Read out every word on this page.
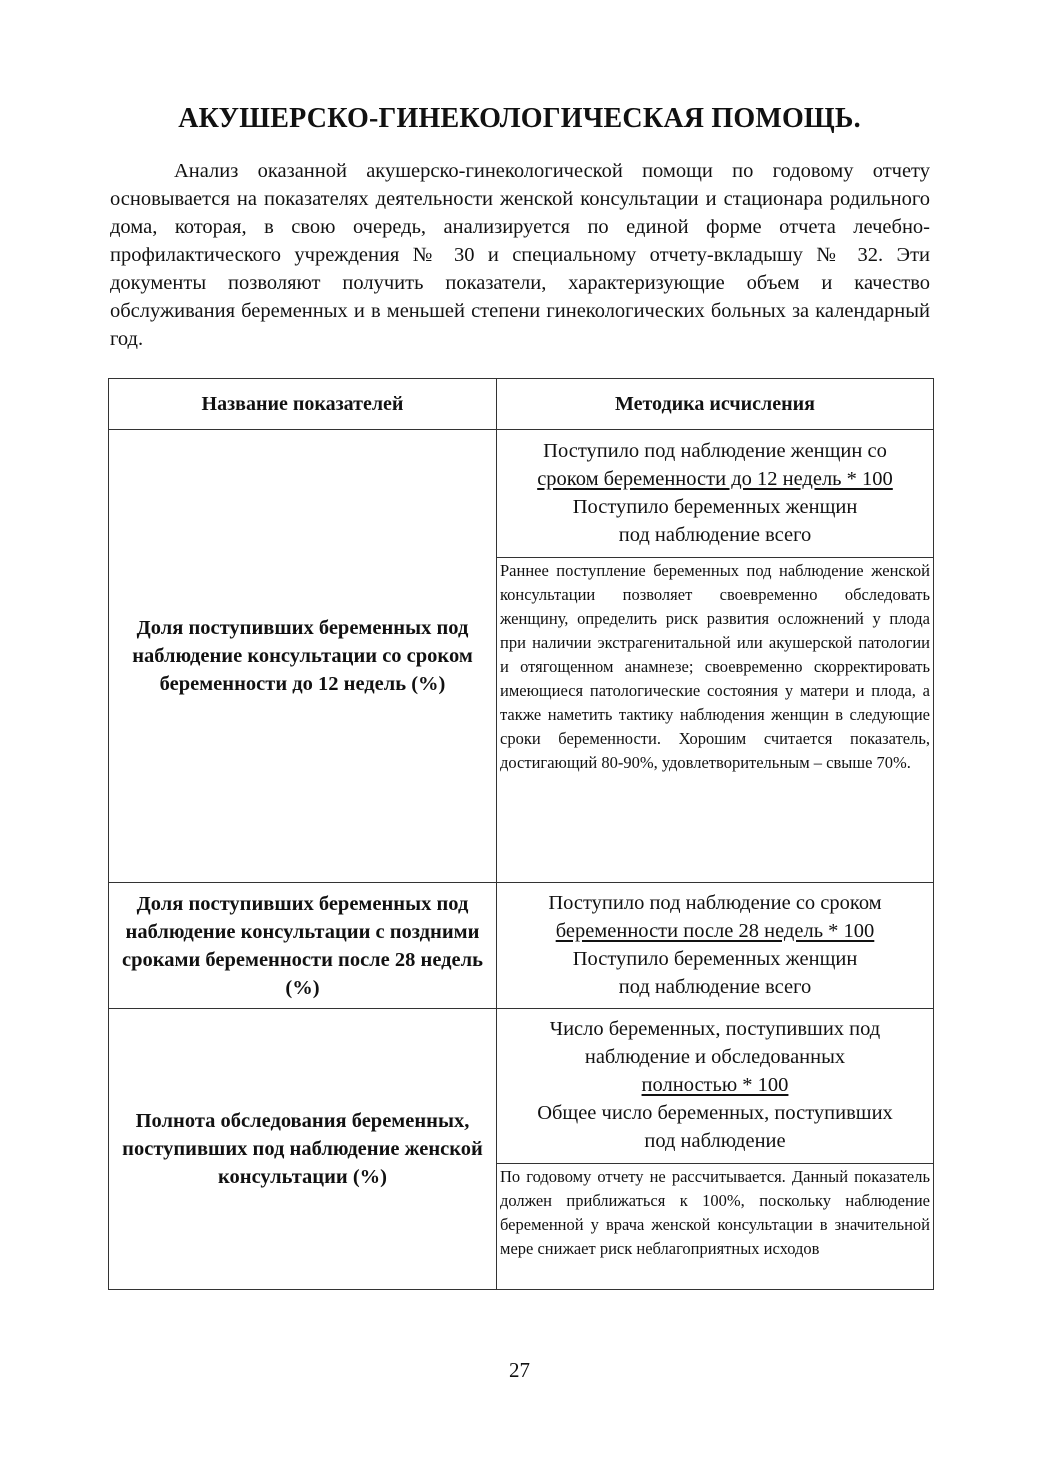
АКУШЕРСКО-ГИНЕКОЛОГИЧЕСКАЯ ПОМОЩЬ.

Анализ оказанной акушерско-гинекологической помощи по годовому отчету основывается на показателях деятельности женской консультации и стационара родильного дома, которая, в свою очередь, анализируется по единой форме отчета лечебно-профилактического учреждения № 30 и специальному отчету-вкладышу № 32. Эти документы позволяют получить показатели, характеризующие объем и качество обслуживания беременных и в меньшей степени гинекологических больных за календарный год.

Название показателей	Методика исчисления
Доля поступивших беременных под наблюдение консультации со сроком беременности до 12 недель (%)	Поступило под наблюдение женщин со
сроком беременности до 12 недель * 100
Поступило беременных женщин
под наблюдение всего

	Раннее поступление беременных под наблюдение женской консультации позволяет своевременно обследовать женщину, определить риск развития осложнений у плода при наличии экстрагенитальной или акушерской патологии и отягощенном анамнезе; своевременно скорректировать имеющиеся патологические состояния у матери и плода, а также наметить тактику наблюдения женщин в следующие сроки беременности. Хорошим считается показатель, достигающий 80-90%, удовлетворительным – свыше 70%.
Доля поступивших беременных под наблюдение консультации с поздними сроками беременности после 28 недель (%)	Поступило под наблюдение со сроком
беременности после 28 недель * 100
Поступило беременных женщин
под наблюдение всего

Полнота обследования беременных, поступивших под наблюдение женской консультации (%)	Число беременных, поступивших под
наблюдение и обследованных
полностью * 100
Общее число беременных, поступивших
под наблюдение

	По годовому отчету не рассчитывается. Данный показатель должен приближаться к 100%, поскольку наблюдение беременной у врача женской консультации в значительной мере снижает риск неблагоприятных исходов
27
